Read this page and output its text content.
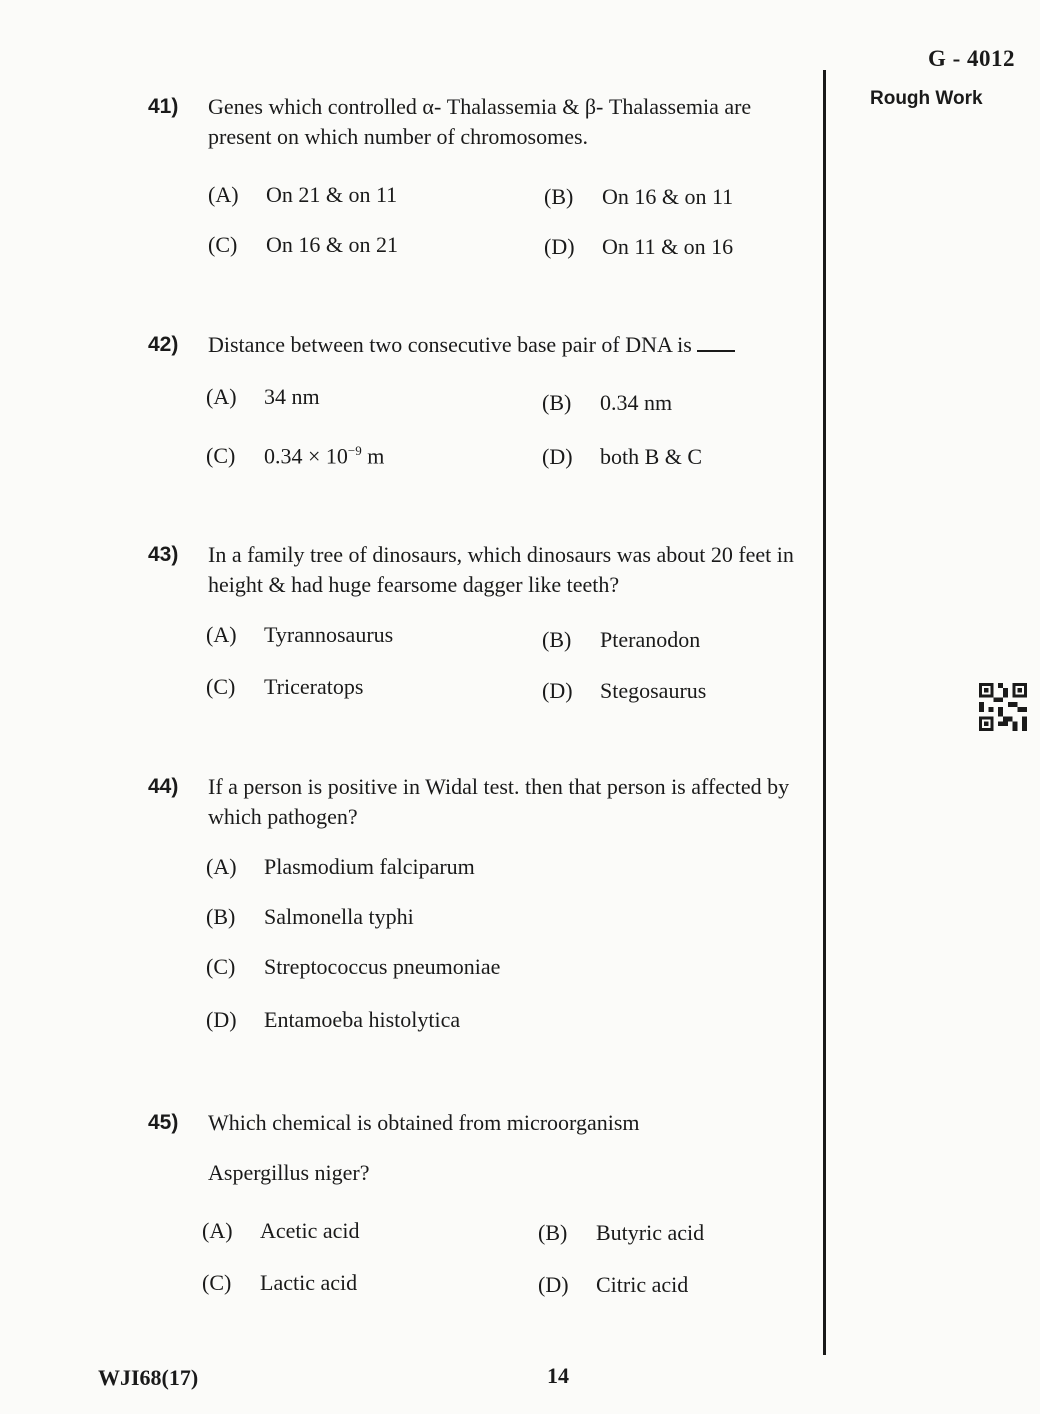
G - 4012
Rough Work
41) Genes which controlled α- Thalassemia & β- Thalassemia are present on which number of chromosomes.
(A) On 21 & on 11	(B) On 16 & on 11
(C) On 16 & on 21	(D) On 11 & on 16
42) Distance between two consecutive base pair of DNA is
(A) 34 nm	(B) 0.34 nm
(C) $0.34 \times 10^{-9}$ m	(D) both B & C
43) In a family tree of dinosaurs, which dinosaurs was about 20 feet in height & had huge fearsome dagger like teeth?
(A) Tyrannosaurus	(B) Pteranodon
(C) Triceratops	(D) Stegosaurus
44) If a person is positive in Widal test. then that person is affected by which pathogen?
(A) Plasmodium falciparum
(B) Salmonella typhi
(C) Streptococcus pneumoniae
(D) Entamoeba histolytica
45) Which chemical is obtained from microorganism
Aspergillus niger?
(A) Acetic acid	(B) Butyric acid
(C) Lactic acid	(D) Citric acid
WJI68(17)	14
